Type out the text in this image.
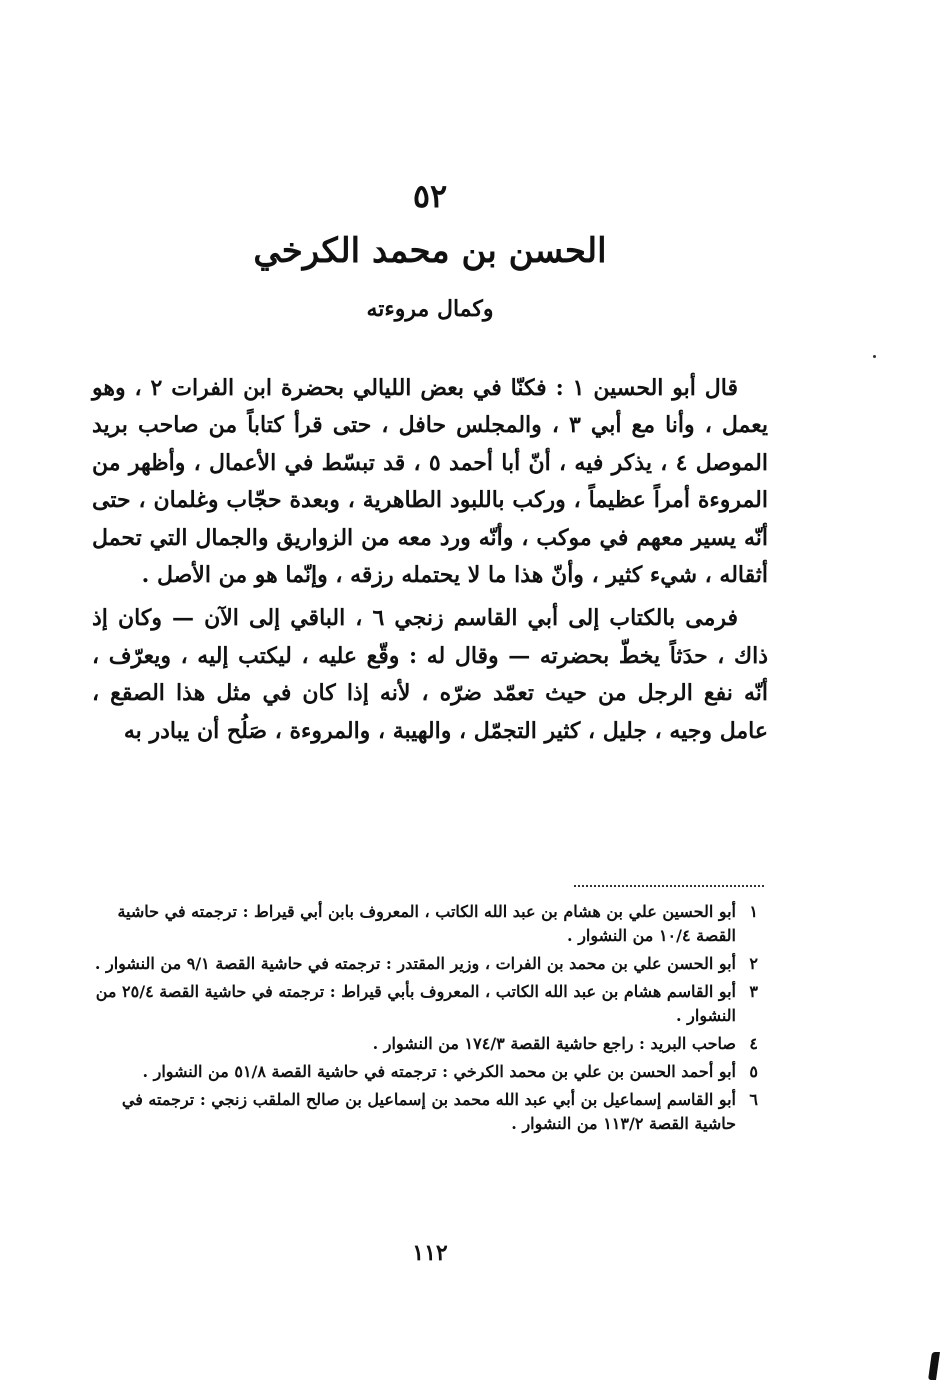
٥٢
الحسن بن محمد الكرخي
وكمال مروءته

قال أبو الحسين ١ : فكنّا في بعض الليالي بحضرة ابن الفرات ٢ ، وهو يعمل ، وأنا مع أبي ٣ ، والمجلس حافل ، حتى قرأ كتاباً من صاحب بريد الموصل ٤ ، يذكر فيه ، أنّ أبا أحمد ٥ ، قد تبسّط في الأعمال ، وأظهر من المروءة أمراً عظيماً ، وركب باللبود الطاهرية ، وبعدة حجّاب وغلمان ، حتى أنّه يسير معهم في موكب ، وأنّه ورد معه من الزواريق والجمال التي تحمل أثقاله ، شيء كثير ، وأنّ هذا ما لا يحتمله رزقه ، وإنّما هو من الأصل .

فرمى بالكتاب إلى أبي القاسم زنجي ٦ ، الباقي إلى الآن — وكان إذ ذاك ، حدَثاً يخطّ بحضرته — وقال له : وقّع عليه ، ليكتب إليه ، ويعرّف ، أنّه نفع الرجل من حيث تعمّد ضرّه ، لأنه إذا كان في مثل هذا الصقع ، عامل وجيه ، جليل ، كثير التجمّل ، والهيبة ، والمروءة ، صَلُح أن يبادر به

١
أبو الحسين علي بن هشام بن عبد الله الكاتب ، المعروف بابن أبي قيراط : ترجمته في حاشية القصة ١٠/٤ من النشوار .
٢
أبو الحسن علي بن محمد بن الفرات ، وزير المقتدر : ترجمته في حاشية القصة ٩/١ من النشوار .
٣
أبو القاسم هشام بن عبد الله الكاتب ، المعروف بأبي قيراط : ترجمته في حاشية القصة ٢٥/٤ من النشوار .
٤
صاحب البريد : راجع حاشية القصة ١٧٤/٣ من النشوار .
٥
أبو أحمد الحسن بن علي بن محمد الكرخي : ترجمته في حاشية القصة ٥١/٨ من النشوار .
٦
أبو القاسم إسماعيل بن أبي عبد الله محمد بن إسماعيل بن صالح الملقب زنجي : ترجمته في حاشية القصة ١١٣/٢ من النشوار .
١١٢
